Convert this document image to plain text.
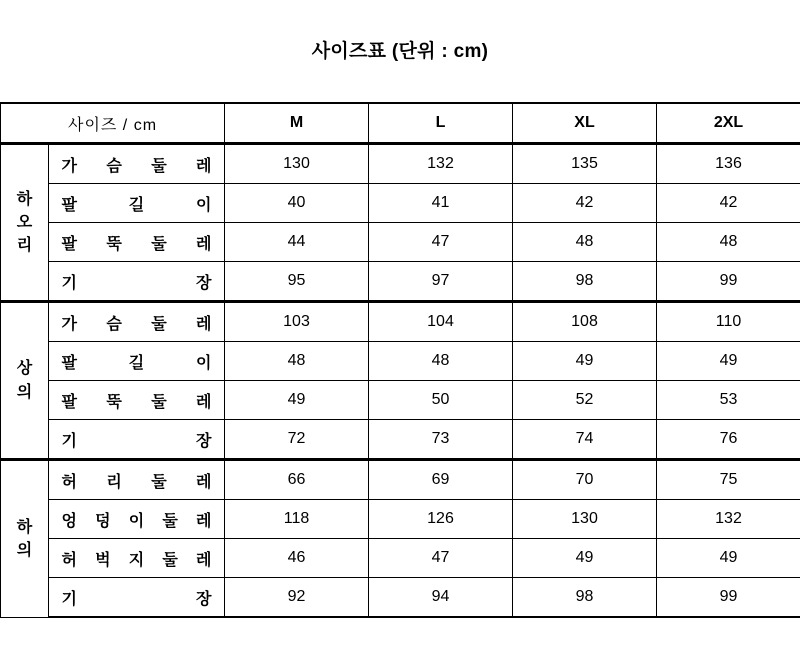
사이즈표 (단위 : cm)
사이즈 / cm		M	L	XL	2XL

하
오
리	가 슴 둘 레	130	132	135	136
	팔 길 이	40	41	42	42
	팔 뚝 둘 레	44	47	48	48
	기 장	95	97	98	99

상
의	가 슴 둘 레	103	104	108	110
	팔 길 이	48	48	49	49
	팔 뚝 둘 레	49	50	52	53
	기 장	72	73	74	76

하
의	허 리 둘 레	66	69	70	75
	엉 덩 이 둘 레	118	126	130	132
	허 벅 지 둘 레	46	47	49	49
	기 장	92	94	98	99
